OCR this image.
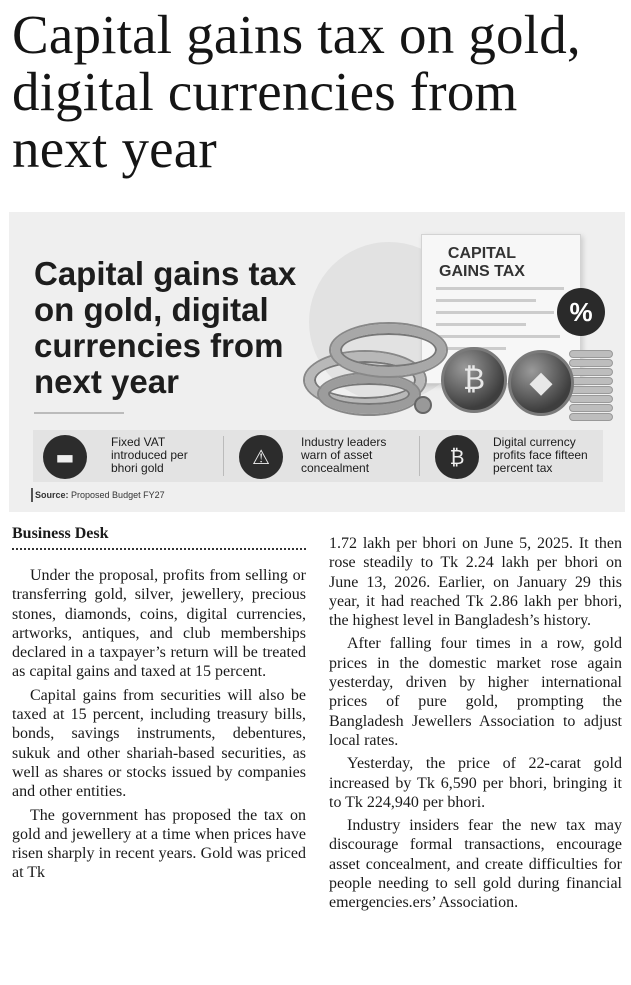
Capital gains tax on gold, digital currencies from next year
Capital gains tax on gold, digital currencies from next year
CAPITAL GAINS TAX
%
₿	◆
▬
Fixed VAT introduced per bhori gold	⚠
Industry leaders warn of asset concealment	₿
Digital currency profits face fifteen percent tax
Source: Proposed Budget FY27
Business Desk

Under the proposal, profits from selling or transferring gold, silver, jewellery, precious stones, diamonds, coins, digital currencies, artworks, antiques, and club memberships declared in a taxpayer’s return will be treated as capital gains and taxed at 15 percent.

Capital gains from securities will also be taxed at 15 percent, including treasury bills, bonds, savings instruments, debentures, sukuk and other shariah-based securities, as well as shares or stocks issued by companies and other entities.

The government has proposed the tax on gold and jewellery at a time when prices have risen sharply in recent years. Gold was priced at Tk

1.72 lakh per bhori on June 5, 2025. It then rose steadily to Tk 2.24 lakh per bhori on June 13, 2026. Earlier, on January 29 this year, it had reached Tk 2.86 lakh per bhori, the highest level in Bangladesh’s history.

After falling four times in a row, gold prices in the domestic market rose again yesterday, driven by higher international prices of pure gold, prompting the Bangladesh Jewellers Association to adjust local rates.

Yesterday, the price of 22-carat gold increased by Tk 6,590 per bhori, bringing it to Tk 224,940 per bhori.

Industry insiders fear the new tax may discourage formal transactions, encourage asset concealment, and create difficulties for people needing to sell gold during financial emergencies.ers’ Association.
